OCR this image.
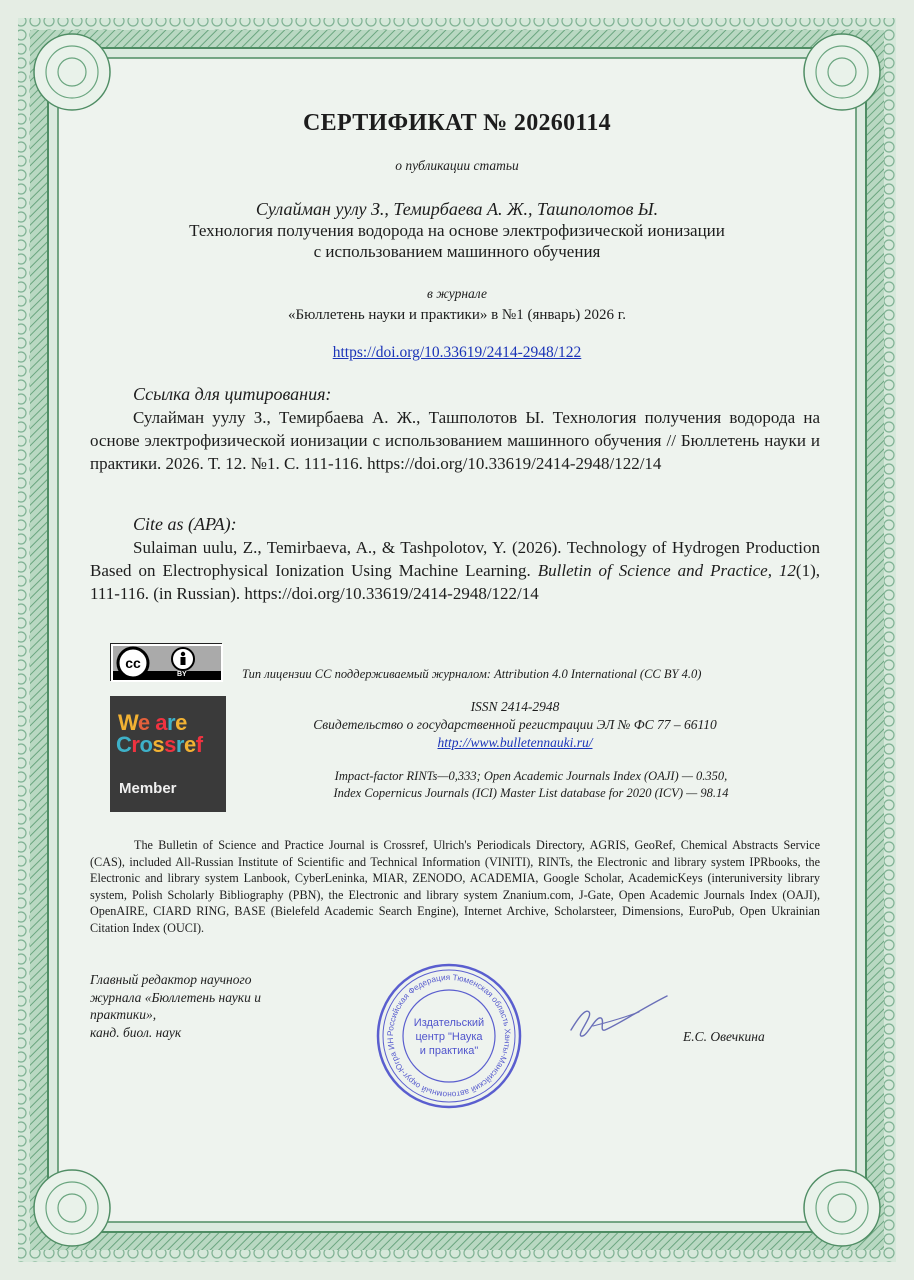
СЕРТИФИКАТ № 20260114
о публикации статьи
Сулайман уулу З., Темирбаева А. Ж., Ташполотов Ы.
Технология получения водорода на основе электрофизической ионизации
с использованием машинного обучения
в журнале
«Бюллетень науки и практики» в №1 (январь) 2026 г.
https://doi.org/10.33619/2414-2948/122
Ссылка для цитирования:
Сулайман уулу З., Темирбаева А. Ж., Ташполотов Ы. Технология получения водорода на основе электрофизической ионизации с использованием машинного обучения // Бюллетень науки и практики. 2026. Т. 12. №1. С. 111-116. https://doi.org/10.33619/2414-2948/122/14
Cite as (APA):
Sulaiman uulu, Z., Temirbaeva, A., & Tashpolotov, Y. (2026). Technology of Hydrogen Production Based on Electrophysical Ionization Using Machine Learning. Bulletin of Science and Practice, 12(1), 111-116. (in Russian). https://doi.org/10.33619/2414-2948/122/14
cc
BY	Тип лицензии CC поддерживаемый журналом: Attribution 4.0 International (CC BY 4.0)
We are
Crossref
Member
ISSN 2414-2948
Свидетельство о государственной регистрации ЭЛ № ФС 77 – 66110
http://www.bulletennauki.ru/
Impact-factor RINTs—0,333; Open Academic Journals Index (OAJI) — 0.350,
Index Copernicus Journals (ICI) Master List database for 2020 (ICV) — 98.14
The Bulletin of Science and Practice Journal is Crossref, Ulrich's Periodicals Directory, AGRIS, GeoRef, Chemical Abstracts Service (CAS), included All-Russian Institute of Scientific and Technical Information (VINITI), RINTs, the Electronic and library system IPRbooks, the Electronic and library system Lanbook, CyberLeninka, MIAR, ZENODO, ACADEMIA, Google Scholar, AcademicKeys (interuniversity library system, Polish Scholarly Bibliography (PBN), the Electronic and library system Znanium.com, J-Gate, Open Academic Journals Index (OAJI), OpenAIRE, CIARD RING, BASE (Bielefeld Academic Search Engine), Internet Archive, Scholarsteer, Dimensions, EuroPub, Open Ukrainian Citation Index (OUCI).
Главный редактор научного
журнала «Бюллетень науки и
практики»,
канд. биол. наук	Российская Федерация Тюменская область Ханты-Мансийский автономный округ-Югра ИН
Издательский
центр "Наука
и практика"
Е.С. Овечкина
